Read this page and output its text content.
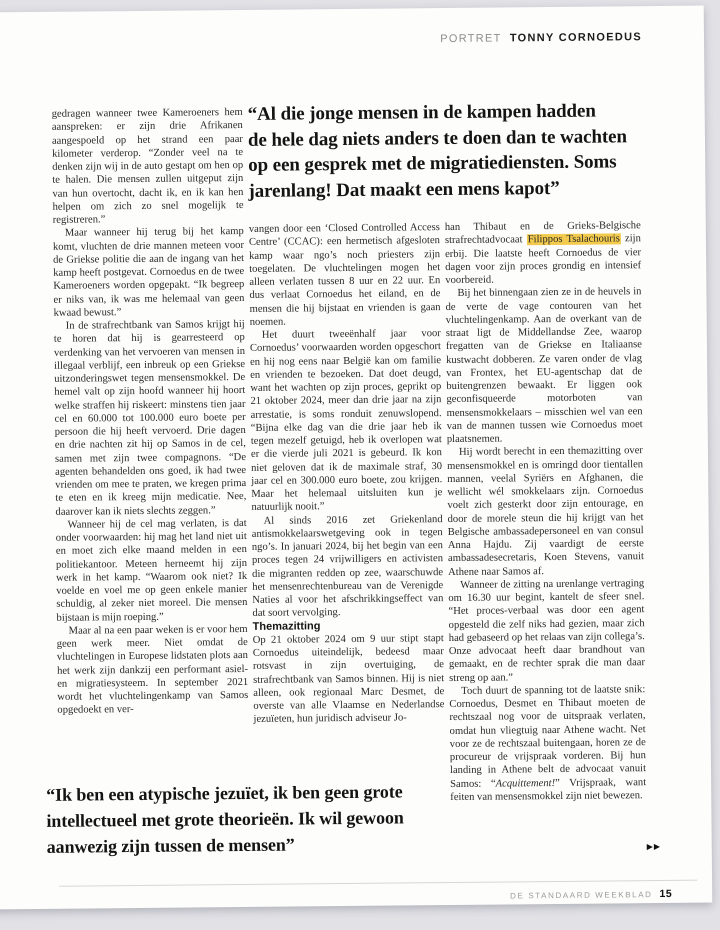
PORTRET TONNY CORNOEDUS
“Al die jonge mensen in de kampen hadden
de hele dag niets anders te doen dan te wachten
op een gesprek met de migratiediensten. Soms
jarenlang! Dat maakt een mens kapot”

gedragen wanneer twee Kameroeners hem aanspreken: er zijn drie Afrikanen aangespoeld op het strand een paar kilometer verderop. “Zonder veel na te denken zijn wij in de auto gestapt om hen op te halen. Die mensen zullen uitgeput zijn van hun overtocht, dacht ik, en ik kan hen helpen om zich zo snel mogelijk te registreren.”

Maar wanneer hij terug bij het kamp komt, vluchten de drie mannen meteen voor de Griekse politie die aan de ingang van het kamp heeft postgevat. Cornoedus en de twee Kameroeners worden opgepakt. “Ik begreep er niks van, ik was me helemaal van geen kwaad bewust.”

In de strafrechtbank van Samos krijgt hij te horen dat hij is gearresteerd op verdenking van het vervoeren van mensen in illegaal verblijf, een inbreuk op een Griekse uitzonderingswet tegen mensensmokkel. De hemel valt op zijn hoofd wanneer hij hoort welke straffen hij riskeert: minstens tien jaar cel en 60.000 tot 100.000 euro boete per persoon die hij heeft vervoerd. Drie dagen en drie nachten zit hij op Samos in de cel, samen met zijn twee compagnons. “De agenten behandelden ons goed, ik had twee vrienden om mee te praten, we kregen prima te eten en ik kreeg mijn medicatie. Nee, daarover kan ik niets slechts zeggen.”

Wanneer hij de cel mag verlaten, is dat onder voorwaarden: hij mag het land niet uit en moet zich elke maand melden in een politiekantoor. Meteen herneemt hij zijn werk in het kamp. “Waarom ook niet? Ik voelde en voel me op geen enkele manier schuldig, al zeker niet moreel. Die mensen bijstaan is mijn roeping.”

Maar al na een paar weken is er voor hem geen werk meer. Niet omdat de vluchtelingen in Europese lidstaten plots aan het werk zijn dankzij een performant asiel- en migratiesysteem. In september 2021 wordt het vluchtelingenkamp van Samos opgedoekt en ver-

vangen door een ‘Closed Controlled Access Centre’ (CCAC): een hermetisch afgesloten kamp waar ngo’s noch priesters zijn toegelaten. De vluchtelingen mogen het alleen verlaten tussen 8 uur en 22 uur. En dus verlaat Cornoedus het eiland, en de mensen die hij bijstaat en vrienden is gaan noemen.

Het duurt tweeënhalf jaar voor Cornoedus’ voorwaarden worden opgeschort en hij nog eens naar België kan om familie en vrienden te bezoeken. Dat doet deugd, want het wachten op zijn proces, geprikt op 21 oktober 2024, meer dan drie jaar na zijn arrestatie, is soms ronduit zenuwslopend. “Bijna elke dag van die drie jaar heb ik tegen mezelf getuigd, heb ik overlopen wat er die vierde juli 2021 is gebeurd. Ik kon niet geloven dat ik de maximale straf, 30 jaar cel en 300.000 euro boete, zou krijgen. Maar het helemaal uitsluiten kun je natuurlijk nooit.”

Al sinds 2016 zet Griekenland antismokkelaarswetgeving ook in tegen ngo’s. In januari 2024, bij het begin van een proces tegen 24 vrijwilligers en activisten die migranten redden op zee, waarschuwde het mensenrechtenbureau van de Verenigde Naties al voor het afschrikkingseffect van dat soort vervolging.

Themazitting

Op 21 oktober 2024 om 9 uur stipt stapt Cornoedus uiteindelijk, bedeesd maar rotsvast in zijn overtuiging, de strafrechtbank van Samos binnen. Hij is niet alleen, ook regionaal Marc Desmet, de overste van alle Vlaamse en Nederlandse jezuïeten, hun juridisch adviseur Jo-

han Thibaut en de Grieks-Belgische strafrechtadvocaat Filippos Tsalachouris zijn erbij. Die laatste heeft Cornoedus de vier dagen voor zijn proces grondig en intensief voorbereid.

Bij het binnengaan zien ze in de heuvels in de verte de vage contouren van het vluchtelingenkamp. Aan de overkant van de straat ligt de Middellandse Zee, waarop fregatten van de Griekse en Italiaanse kustwacht dobberen. Ze varen onder de vlag van Frontex, het EU-agentschap dat de buitengrenzen bewaakt. Er liggen ook geconfisqueerde motorboten van mensensmokkelaars – misschien wel van een van de mannen tussen wie Cornoedus moet plaatsnemen.

Hij wordt berecht in een themazitting over mensensmokkel en is omringd door tientallen mannen, veelal Syriërs en Afghanen, die wellicht wél smokkelaars zijn. Cornoedus voelt zich gesterkt door zijn entourage, en door de morele steun die hij krijgt van het Belgische ambassadepersoneel en van consul Anna Hajdu. Zij vaardigt de eerste ambassadesecretaris, Koen Stevens, vanuit Athene naar Samos af.

Wanneer de zitting na urenlange vertraging om 16.30 uur begint, kantelt de sfeer snel. “Het proces-verbaal was door een agent opgesteld die zelf niks had gezien, maar zich had gebaseerd op het relaas van zijn collega’s. Onze advocaat heeft daar brandhout van gemaakt, en de rechter sprak die man daar streng op aan.”

Toch duurt de spanning tot de laatste snik: Cornoedus, Desmet en Thibaut moeten de rechtszaal nog voor de uitspraak verlaten, omdat hun vliegtuig naar Athene wacht. Net voor ze de rechtszaal buitengaan, horen ze de procureur de vrijspraak vorderen. Bij hun landing in Athene belt de advocaat vanuit Samos: “Acquittement!” Vrijspraak, want feiten van mensensmokkel zijn niet bewezen.

“Ik ben een atypische jezuïet, ik ben geen grote
intellectueel met grote theorieën. Ik wil gewoon
aanwezig zijn tussen de mensen”	▶▶
DE STANDAARD WEEKBLAD 15
